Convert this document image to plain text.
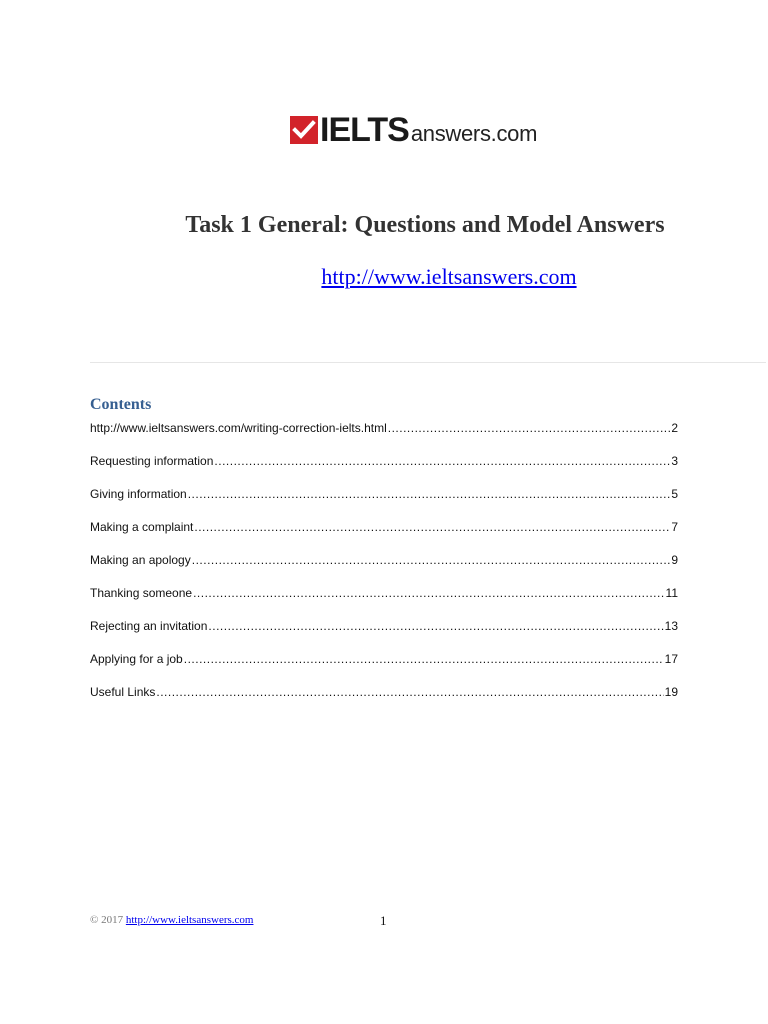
IELTS answers.com
Task 1 General: Questions and Model Answers
http://www.ieltsanswers.com
Contents
http://www.ieltsanswers.com/writing-correction-ielts.html .....	2
Requesting information .....	3
Giving information .....	5
Making a complaint .....	7
Making an apology .....	9
Thanking someone .....	11
Rejecting an invitation .....	13
Applying for a job .....	17
Useful Links .....	19
© 2017 http://www.ieltsanswers.com	1
